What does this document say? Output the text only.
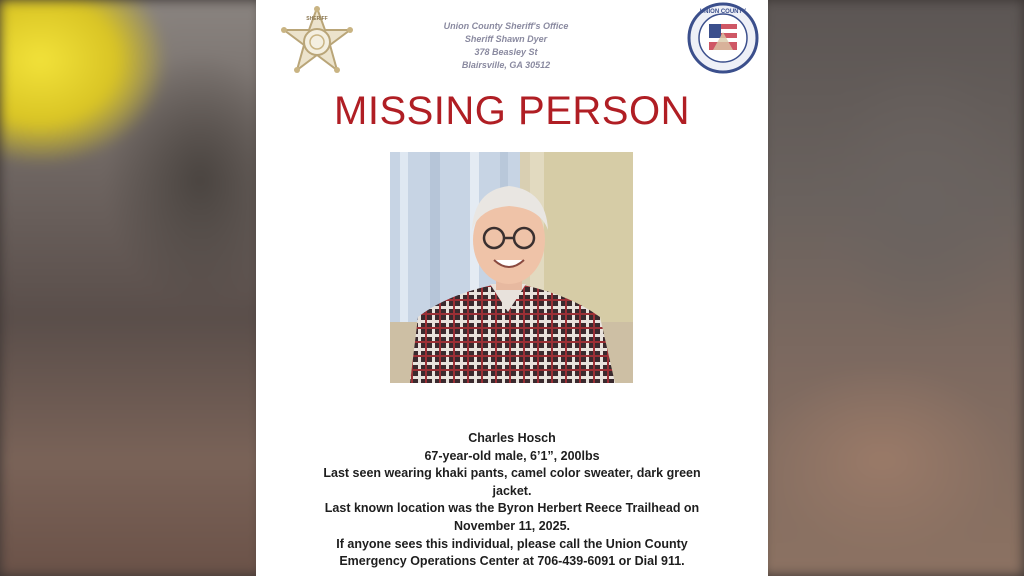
SHERIFF
Union County Sheriff's Office
Sheriff Shawn Dyer
378 Beasley St
Blairsville, GA 30512
UNION COUNTY
MISSING PERSON
Charles Hosch
67-year-old male, 6’1”, 200lbs
Last seen wearing khaki pants, camel color sweater, dark green
jacket.
Last known location was the Byron Herbert Reece Trailhead on
November 11, 2025.
If anyone sees this individual, please call the Union County
Emergency Operations Center at 706-439-6091 or Dial 911.
